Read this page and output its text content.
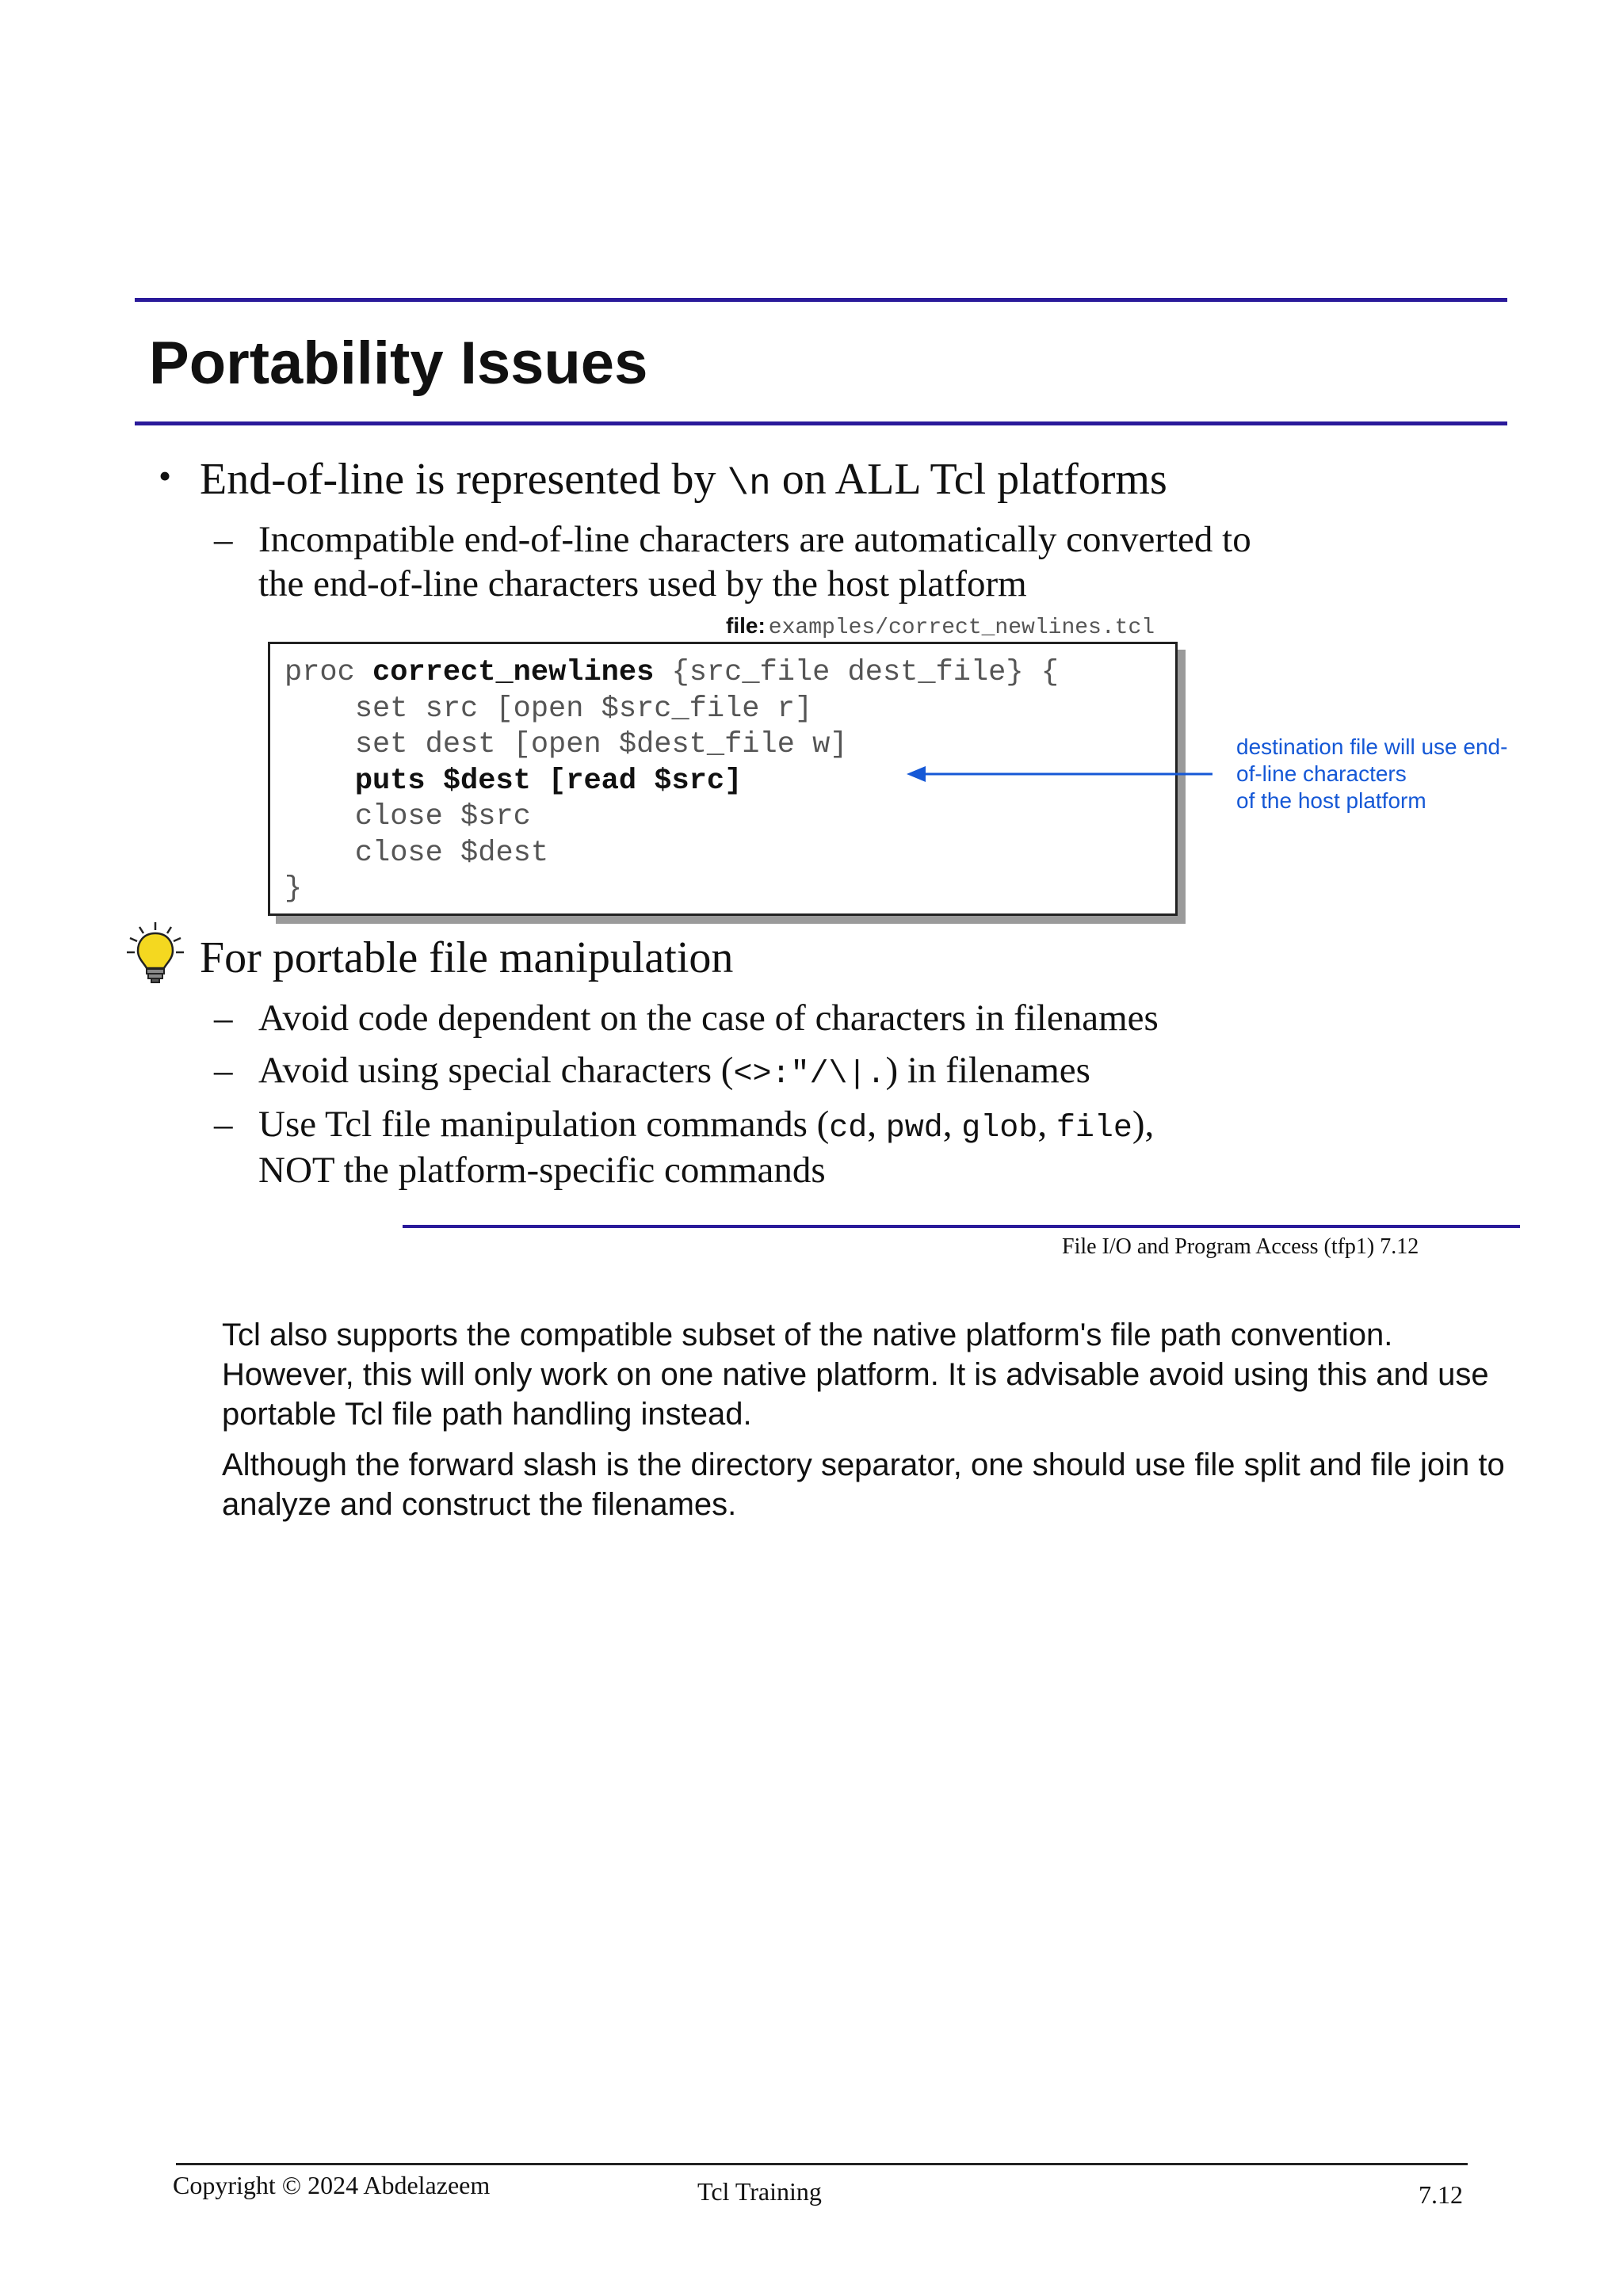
Portability Issues
• End-of-line is represented by \n on ALL Tcl platforms
– Incompatible end-of-line characters are automatically converted to
the end-of-line characters used by the host platform
file: examples/correct_newlines.tcl
proc correct_newlines {src_file dest_file} {
set src [open $src_file r]
set dest [open $dest_file w]
puts $dest [read $src]
close $src
close $dest
}
destination file will use end-
of-line characters
of the host platform
For portable file manipulation
– Avoid code dependent on the case of characters in filenames
– Avoid using special characters (<>:"/\|.) in filenames
– Use Tcl file manipulation commands (cd, pwd, glob, file),
NOT the platform-specific commands
File I/O and Program Access (tfp1) 7.12

Tcl also supports the compatible subset of the native platform's file path convention. However, this will only work on one native platform. It is advisable avoid using this and use portable Tcl file path handling instead.

Although the forward slash is the directory separator, one should use file split and file join to analyze and construct the filenames.

Copyright © 2024 Abdelazeem	Tcl Training	7.12
